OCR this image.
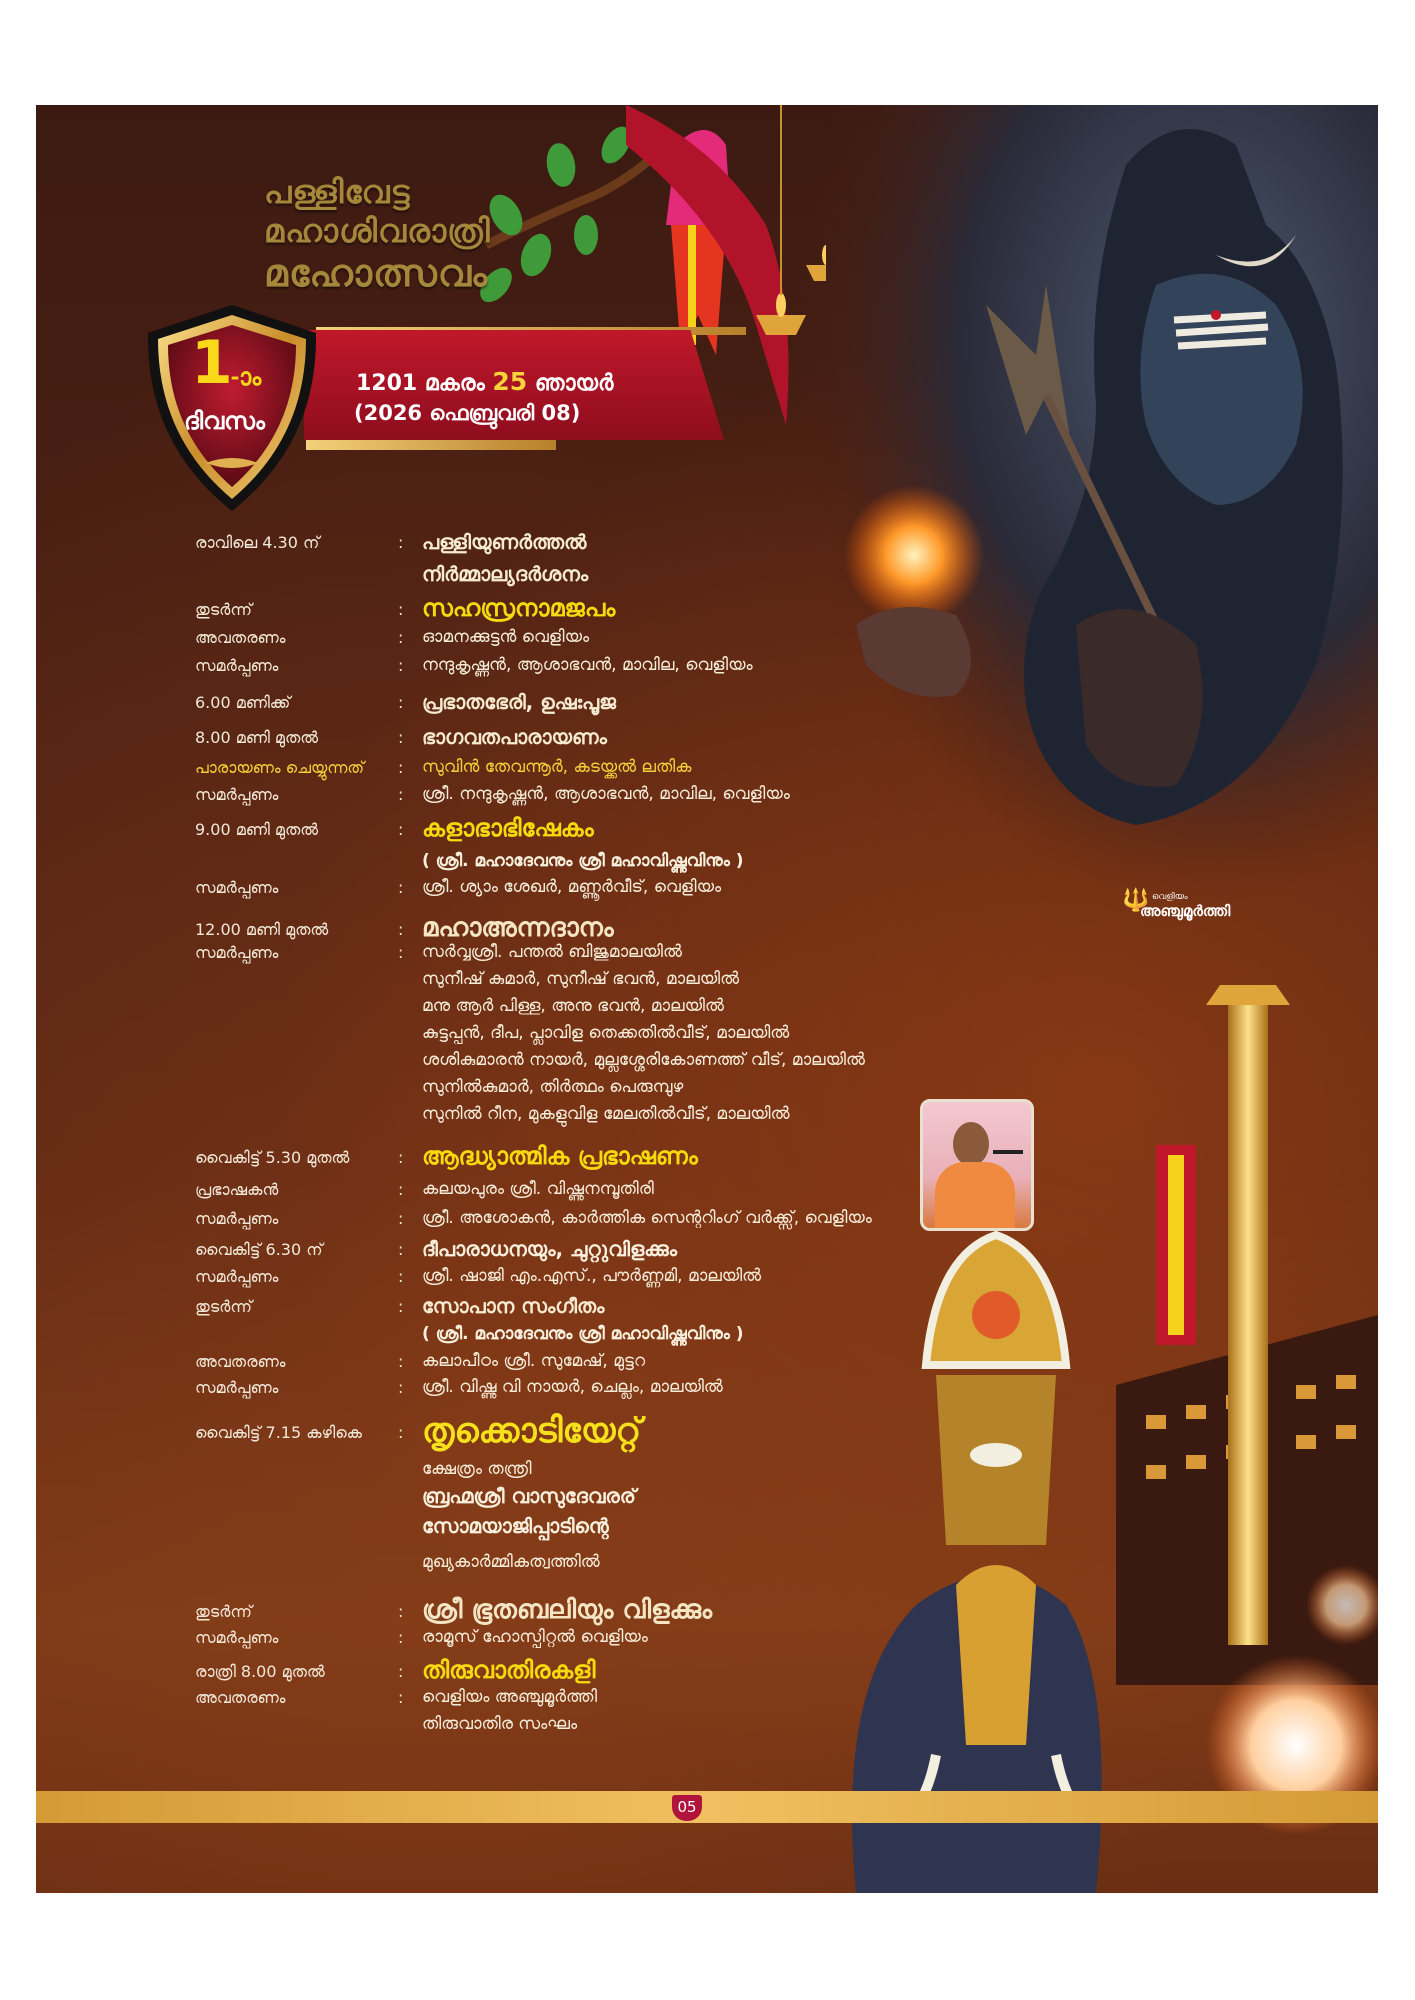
പള്ളിവേട്ട
മഹാശിവരാത്രി
മഹോത്സവം
1201 മകരം 25 ഞായർ
(2026 ഫെബ്രുവരി 08)
1
-ാം
ദിവസം
രാവിലെ 4.30 ന്	: പള്ളിയുണർത്തൽ
നിർമ്മാല്യദർശനം
തുടർന്ന്	: സഹസ്രനാമജപം
അവതരണം	: ഓമനക്കുട്ടൻ വെളിയം
സമർപ്പണം	: നന്ദുകൃഷ്ണൻ, ആശാഭവൻ, മാവില, വെളിയം
6.00 മണിക്ക്	: പ്രഭാതഭേരി, ഉഷഃപൂജ
8.00 മണി മുതൽ	: ഭാഗവതപാരായണം
പാരായണം ചെയ്യുന്നത് : സുവിൻ തേവന്നൂർ, കടയ്ക്കൽ ലതിക
സമർപ്പണം	: ശ്രീ. നന്ദുകൃഷ്ണൻ, ആശാഭവൻ, മാവില, വെളിയം
9.00 മണി മുതൽ	: കളാഭാഭിഷേകം
( ശ്രീ. മഹാദേവനും ശ്രീ മഹാവിഷ്ണുവിനും )
സമർപ്പണം	: ശ്രീ. ശ്യാം ശേഖർ, മണ്ണൂർവീട്, വെളിയം
12.00 മണി മുതൽ	: മഹാഅന്നദാനം
സമർപ്പണം	: സർവ്വശ്രീ. പന്തൽ ബിജുമാലയിൽ
സുനീഷ് കുമാർ, സുനീഷ് ഭവൻ, മാലയിൽ
മനു ആർ പിള്ള, അനു ഭവൻ, മാലയിൽ
കുട്ടപ്പൻ, ദീപ, പ്ലാവിള തെക്കതിൽവീട്, മാലയിൽ
ശശികുമാരൻ നായർ, മുല്ലശ്ശേരികോണത്ത് വീട്, മാലയിൽ
സുനിൽകുമാർ, തിർത്ഥം പെരുമ്പുഴ
സുനിൽ റീന, മുകളുവിള മേലതിൽവീട്, മാലയിൽ
വൈകിട്ട് 5.30 മുതൽ	: ആദ്ധ്യാത്മിക പ്രഭാഷണം
പ്രഭാഷകൻ	: കലയപുരം ശ്രീ. വിഷ്ണുനമ്പൂതിരി
സമർപ്പണം	: ശ്രീ. അശോകൻ, കാർത്തിക സെന്ററിംഗ് വർക്ക്സ്, വെളിയം
വൈകിട്ട് 6.30 ന്	: ദീപാരാധനയും, ചുറ്റുവിളക്കും
സമർപ്പണം	: ശ്രീ. ഷാജി എം.എസ്., പൗർണ്ണമി, മാലയിൽ
തുടർന്ന്	: സോപാന സംഗീതം
( ശ്രീ. മഹാദേവനും ശ്രീ മഹാവിഷ്ണുവിനും )
അവതരണം	: കലാപീഠം ശ്രീ. സുമേഷ്, മുട്ടറ
സമർപ്പണം	: ശ്രീ. വിഷ്ണു വി നായർ, ചെല്ലം, മാലയിൽ
വൈകിട്ട് 7.15 കഴികെ : തൃക്കൊടിയേറ്റ്
ക്ഷേത്രം തന്ത്രി
ബ്രഹ്മശ്രീ വാസുദേവരര്
സോമയാജിപ്പാടിന്റെ
മുഖ്യകാർമ്മികത്വത്തിൽ
തുടർന്ന്	: ശ്രീ ഭൂതബലിയും വിളക്കും
സമർപ്പണം	: രാമൂസ് ഹോസ്പിറ്റൽ വെളിയം
രാത്രി 8.00 മുതൽ	: തിരുവാതിരകളി
അവതരണം	: വെളിയം അഞ്ചുമൂർത്തി
തിരുവാതിര സംഘം
🔱 വെളിയം
അഞ്ചുമൂർത്തി
05
